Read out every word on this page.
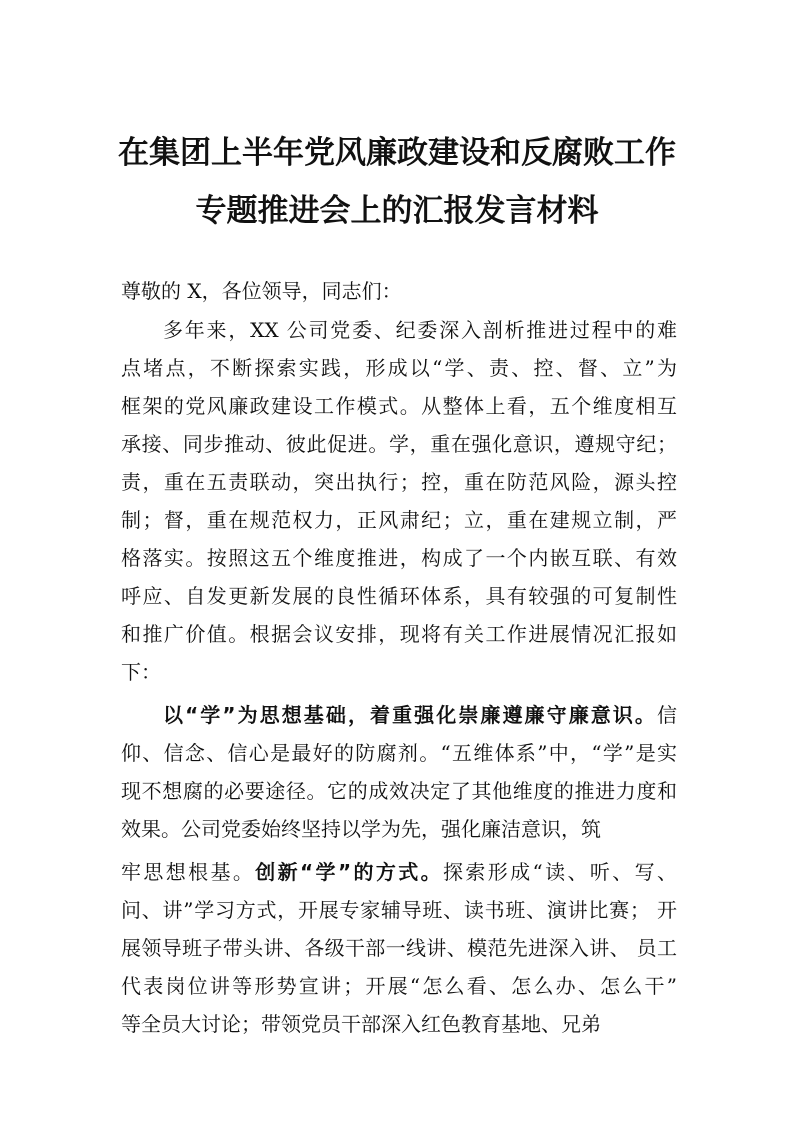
在集团上半年党风廉政建设和反腐败工作
专题推进会上的汇报发言材料

尊敬的 X，各位领导，同志们：

多年来，XX 公司党委、纪委深入剖析推进过程中的难

点堵点，不断探索实践，形成以“学、责、控、督、立”为

框架的党风廉政建设工作模式。从整体上看，五个维度相互

承接、同步推动、彼此促进。学，重在强化意识，遵规守纪；

责，重在五责联动，突出执行；控，重在防范风险，源头控

制；督，重在规范权力，正风肃纪；立，重在建规立制，严

格落实。按照这五个维度推进，构成了一个内嵌互联、有效

呼应、自发更新发展的良性循环体系，具有较强的可复制性

和推广价值。根据会议安排，现将有关工作进展情况汇报如

下：

以“学”为思想基础，着重强化崇廉遵廉守廉意识。信

仰、信念、信心是最好的防腐剂。“五维体系”中，“学”是实

现不想腐的必要途径。它的成效决定了其他维度的推进力度和

效果。公司党委始终坚持以学为先，强化廉洁意识，筑

牢思想根基。创新“学”的方式。探索形成“读、听、写、

问、讲”学习方式，开展专家辅导班、读书班、演讲比赛； 开

展领导班子带头讲、各级干部一线讲、模范先进深入讲、 员工

代表岗位讲等形势宣讲；开展“怎么看、怎么办、怎么干”

等全员大讨论；带领党员干部深入红色教育基地、兄弟
